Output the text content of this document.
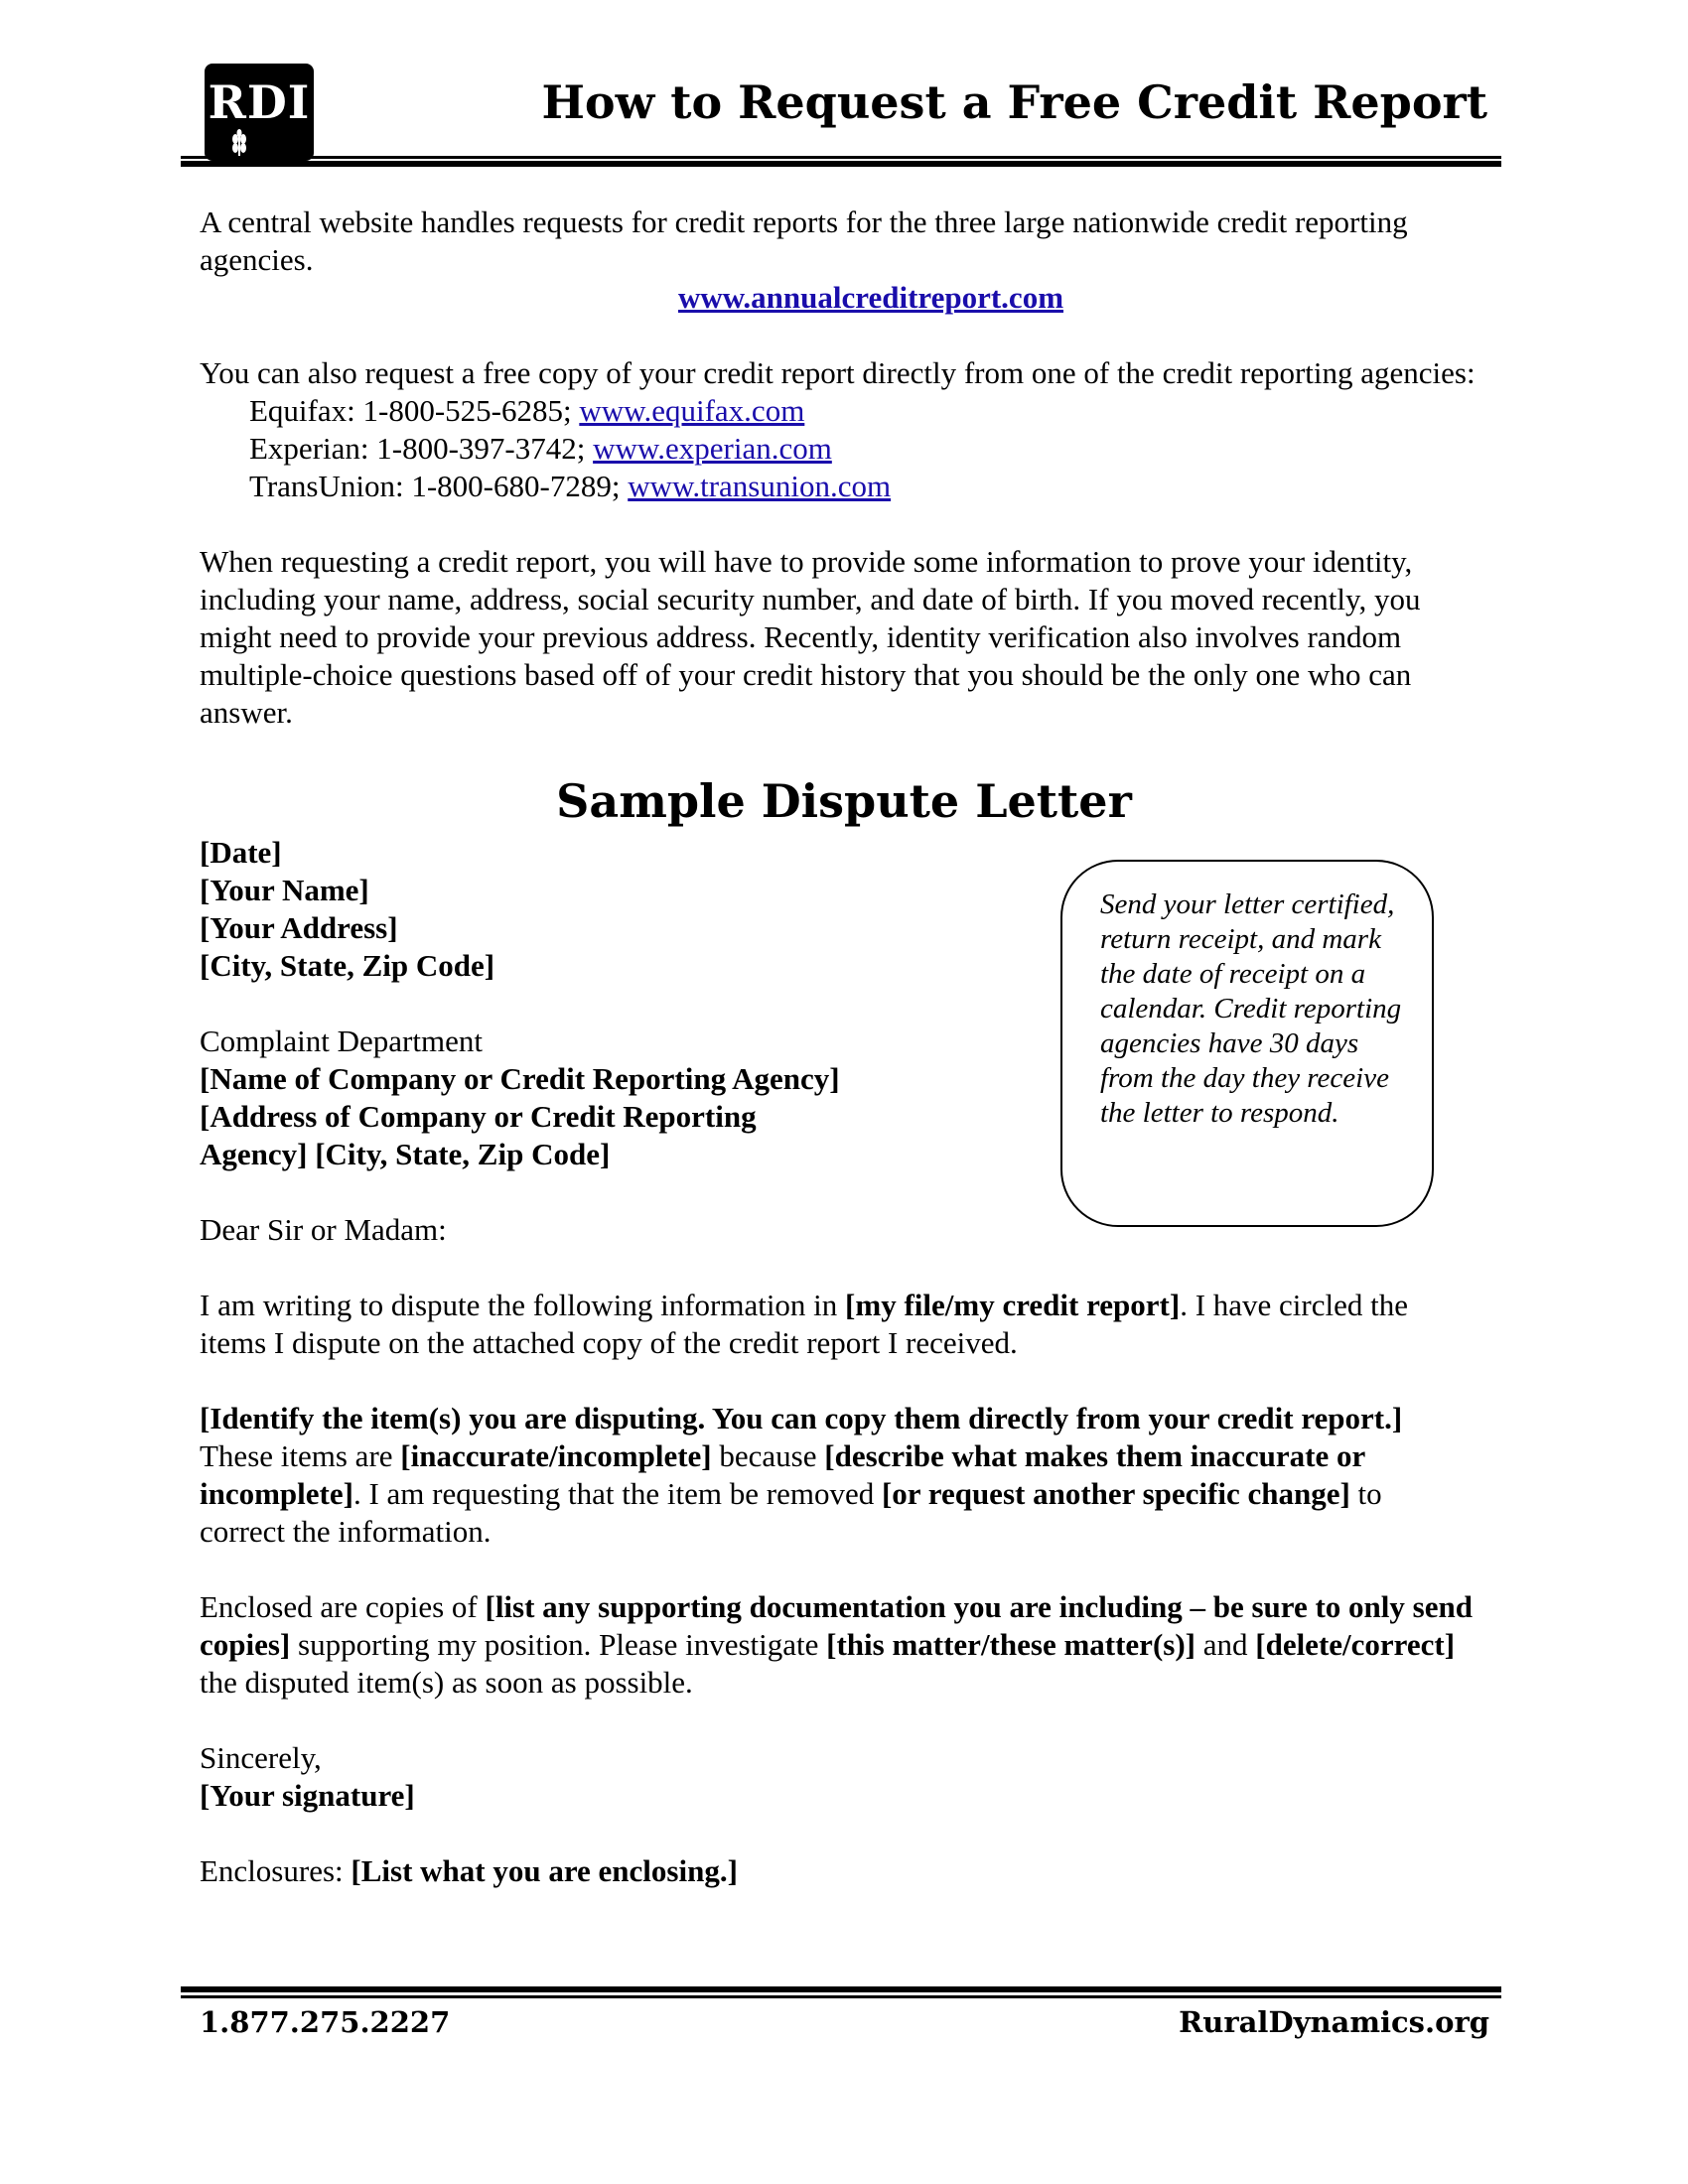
RDI	How to Request a Free Credit Report

A central website handles requests for credit reports for the three large nationwide credit reporting agencies.

www.annualcreditreport.com

You can also request a free copy of your credit report directly from one of the credit reporting agencies:

Equifax: 1-800-525-6285; www.equifax.com

Experian: 1-800-397-3742; www.experian.com

TransUnion: 1-800-680-7289; www.transunion.com

When requesting a credit report, you will have to provide some information to prove your identity, including your name, address, social security number, and date of birth. If you moved recently, you might need to provide your previous address. Recently, identity verification also involves random multiple-choice questions based off of your credit history that you should be the only one who can answer.

Sample Dispute Letter

[Date]

[Your Name]

[Your Address]

[City, State, Zip Code]

Complaint Department

[Name of Company or Credit Reporting Agency]

[Address of Company or Credit Reporting

Agency] [City, State, Zip Code]

Dear Sir or Madam:

I am writing to dispute the following information in [my file/my credit report]. I have circled the items I dispute on the attached copy of the credit report I received.

[Identify the item(s) you are disputing. You can copy them directly from your credit report.] These items are [inaccurate/incomplete] because [describe what makes them inaccurate or incomplete]. I am requesting that the item be removed [or request another specific change] to correct the information.

Enclosed are copies of [list any supporting documentation you are including – be sure to only send copies] supporting my position. Please investigate [this matter/these matter(s)] and [delete/correct] the disputed item(s) as soon as possible.

Sincerely,

[Your signature]

Enclosures: [List what you are enclosing.]

Send your letter certified, return receipt, and mark the date of receipt on a calendar. Credit reporting agencies have 30 days from the day they receive the letter to respond.
1.877.275.2227	RuralDynamics.org
